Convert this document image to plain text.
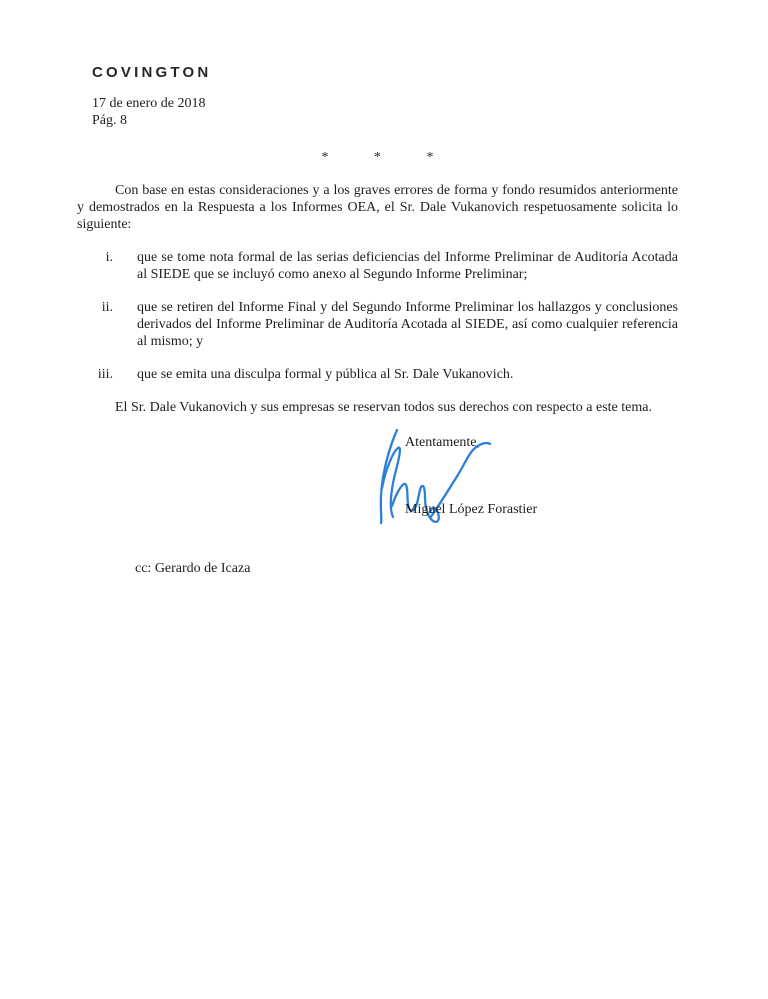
COVINGTON
17 de enero de 2018
Pág. 8
*	*	*

Con base en estas consideraciones y a los graves errores de forma y fondo resumidos anteriormente y demostrados en la Respuesta a los Informes OEA, el Sr. Dale Vukanovich respetuosamente solicita lo siguiente:

i. que se tome nota formal de las serias deficiencias del Informe Preliminar de Auditoría Acotada al SIEDE que se incluyó como anexo al Segundo Informe Preliminar;
ii. que se retiren del Informe Final y del Segundo Informe Preliminar los hallazgos y conclusiones derivados del Informe Preliminar de Auditoría Acotada al SIEDE, así como cualquier referencia al mismo; y
iii. que se emita una disculpa formal y pública al Sr. Dale Vukanovich.

El Sr. Dale Vukanovich y sus empresas se reservan todos sus derechos con respecto a este tema.

Atentamente,
Miguel López Forastier
cc: Gerardo de Icaza
